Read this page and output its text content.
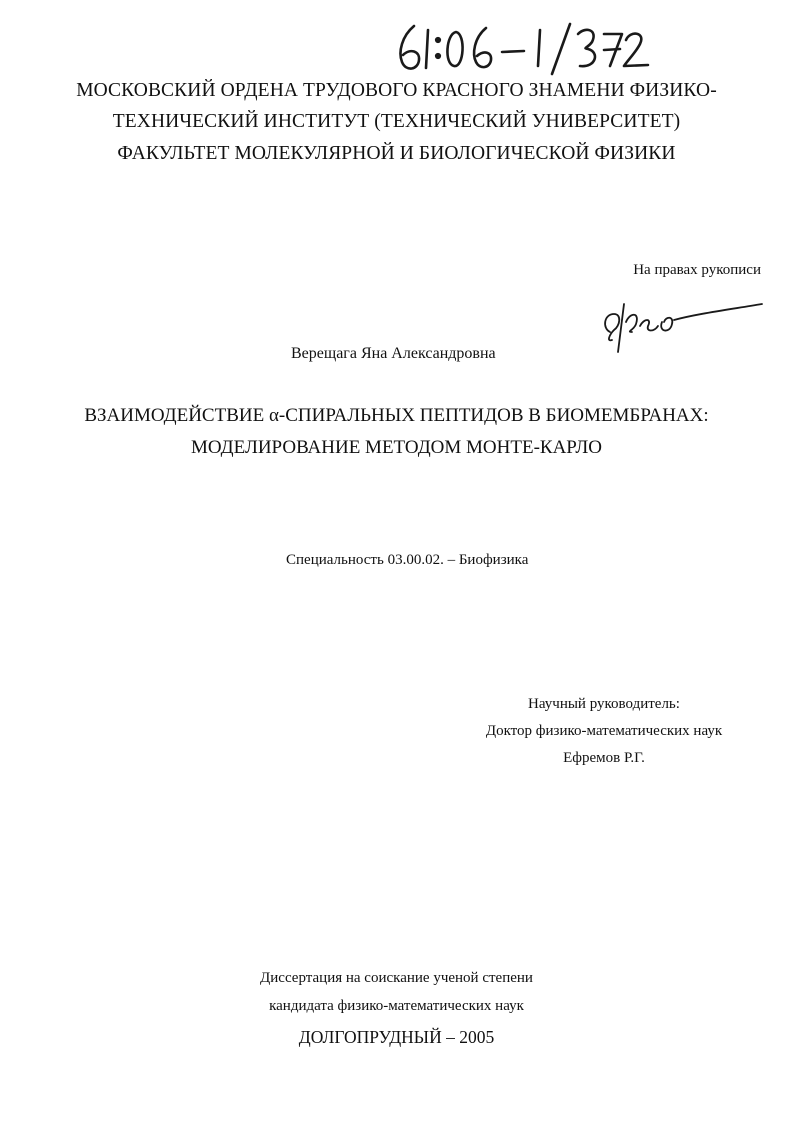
МОСКОВСКИЙ ОРДЕНА ТРУДОВОГО КРАСНОГО ЗНАМЕНИ ФИЗИКО-
ТЕХНИЧЕСКИЙ ИНСТИТУТ (ТЕХНИЧЕСКИЙ УНИВЕРСИТЕТ)
ФАКУЛЬТЕТ МОЛЕКУЛЯРНОЙ И БИОЛОГИЧЕСКОЙ ФИЗИКИ
На правах рукописи
Верещага Яна Александровна
ВЗАИМОДЕЙСТВИЕ α-СПИРАЛЬНЫХ ПЕПТИДОВ В БИОМЕМБРАНАХ:
МОДЕЛИРОВАНИЕ МЕТОДОМ МОНТЕ-КАРЛО
Специальность 03.00.02. – Биофизика
Научный руководитель:
Доктор физико-математических наук
Ефремов Р.Г.
Диссертация на соискание ученой степени
кандидата физико-математических наук
ДОЛГОПРУДНЫЙ – 2005
